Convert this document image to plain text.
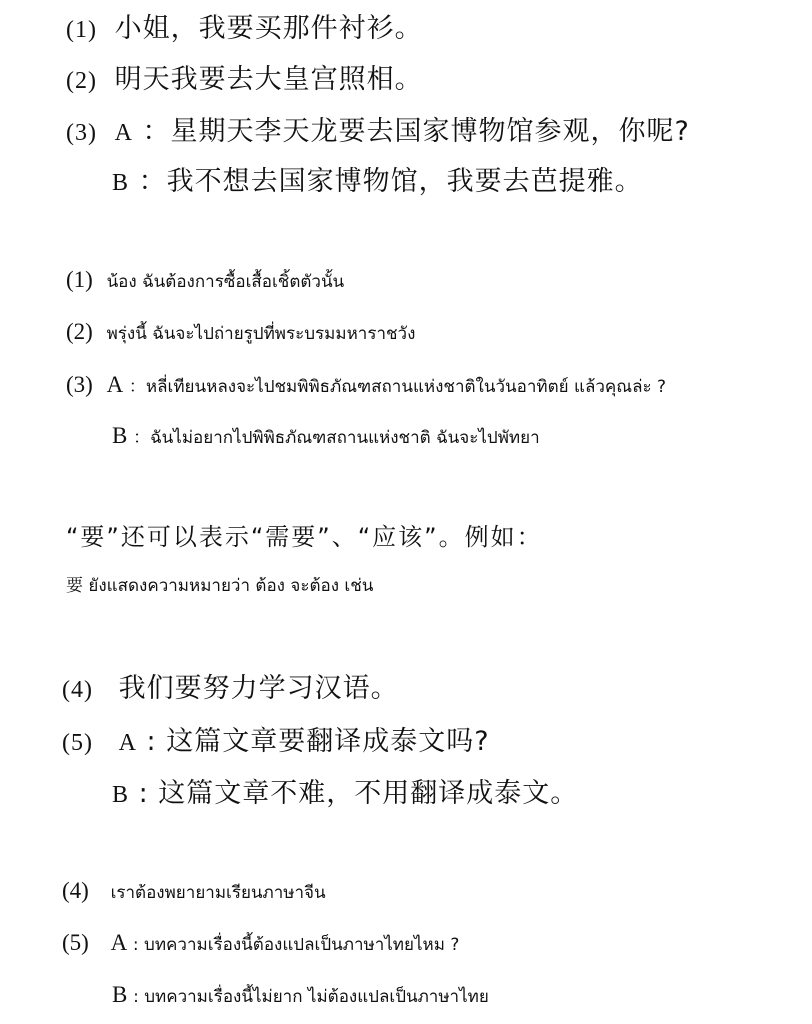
(1) 小姐，我要买那件衬衫。
(2) 明天我要去大皇宫照相。
(3) A ：星期天李天龙要去国家博物馆参观，你呢?
B ：我不想去国家博物馆，我要去芭提雅。
(1) น้อง ฉันต้องการซื้อเสื้อเชิ้ตตัวนั้น
(2) พรุ่งนี้ ฉันจะไปถ่ายรูปที่พระบรมมหาราชวัง
(3) A ：หลี่เทียนหลงจะไปชมพิพิธภัณฑสถานแห่งชาติในวันอาทิตย์ แล้วคุณล่ะ ?
B ：ฉันไม่อยากไปพิพิธภัณฑสถานแห่งชาติ ฉันจะไปพัทยา
“要”还可以表示“需要”、“应该”。例如：
要 ยังแสดงความหมายว่า ต้อง จะต้อง เช่น
(4) 我们要努力学习汉语。
(5) A : 这篇文章要翻译成泰文吗?
B : 这篇文章不难，不用翻译成泰文。
(4) เราต้องพยายามเรียนภาษาจีน
(5) A : บทความเรื่องนี้ต้องแปลเป็นภาษาไทยไหม ?
B : บทความเรื่องนี้ไม่ยาก ไม่ต้องแปลเป็นภาษาไทย
